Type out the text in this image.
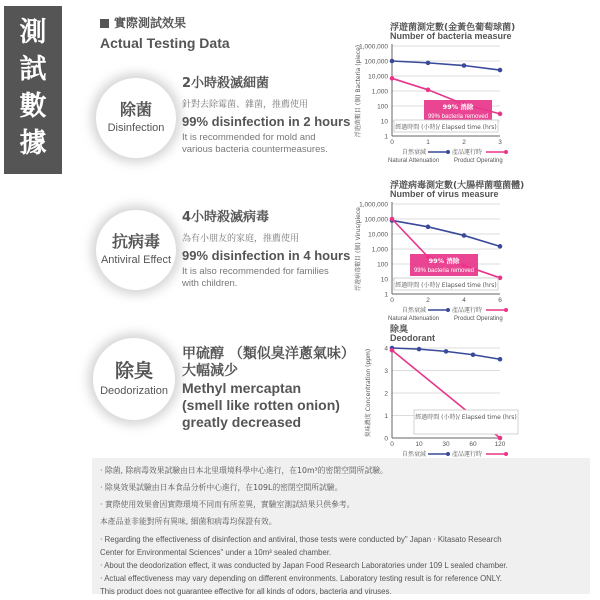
測
試
數
據
實際測試效果
Actual Testing Data
除菌
Disinfection
2小時殺滅細菌
針對去除霉菌、雜菌，推薦使用
99% disinfection in 2 hours
It is recommended for mold and
various bacteria countermeasures.
抗病毒
Antiviral Effect
4小時殺滅病毒
為有小朋友的家庭，推薦使用
99% disinfection in 4 hours
It is also recommended for families
with children.
除臭
Deodorization
甲硫醇 （類似臭洋蔥氣味）
大幅減少
Methyl mercaptan
(smell like rotten onion)
greatly decreased
浮遊菌測定數(金黃色葡萄球菌)
Number of bacteria measure
1,000,000
100,000
10,000
1,000
100
10
1
0	1	2	3
浮遊菌數目 (個) Bacteria (piece)	99% 消除
99% bacteria removed
經過時間 (小時)/ Elapsed time (hrs)
自然衰減	產品運行時
Natural Attenuation Product Operating
浮遊病毒測定數(大腸桿菌噬菌體)
Number of virus measure
1,000,000
100,000
10,000
1,000
100
10
1
0	2	4	6
浮遊病毒數目 (個) Virus/piece	99% 消除
99% bacteria removed
經過時間 (小時)/ Elapsed time (hrs)
自然衰減	產品運行時
Natural Attenuation Product Operating
除臭
Deodorant
4
3
2
1
0
0	10	30	60	120
臭味濃度 Concentration (ppm)	經過時間 (小時)/ Elapsed time (hrs)
自然衰減	產品運行時
‧ 除菌, 除病毒效果試驗由日本北里環境科學中心進行，在10m³的密閉空間所試驗。
‧ 除臭效果試驗由日本食品分析中心進行，在109L的密閉空間所試驗。
‧ 實際使用效果會因實際環境不同而有所差異，實驗室測試結果只供參考。
本產品並非能對所有異味, 細菌和病毒均保證有效。
‧ Regarding the effectiveness of disinfection and antiviral, those tests were conducted by" Japan ‧ Kitasato Research
Center for Environmental Sciences" under a 10m³ sealed chamber.
‧ About the deodorization effect, it was conducted by Japan Food Research Laboratories under 109 L sealed chamber.
‧ Actual effectiveness may vary depending on different environments. Laboratory testing result is for reference ONLY.
This product does not guarantee effective for all kinds of odors, bacteria and viruses.
